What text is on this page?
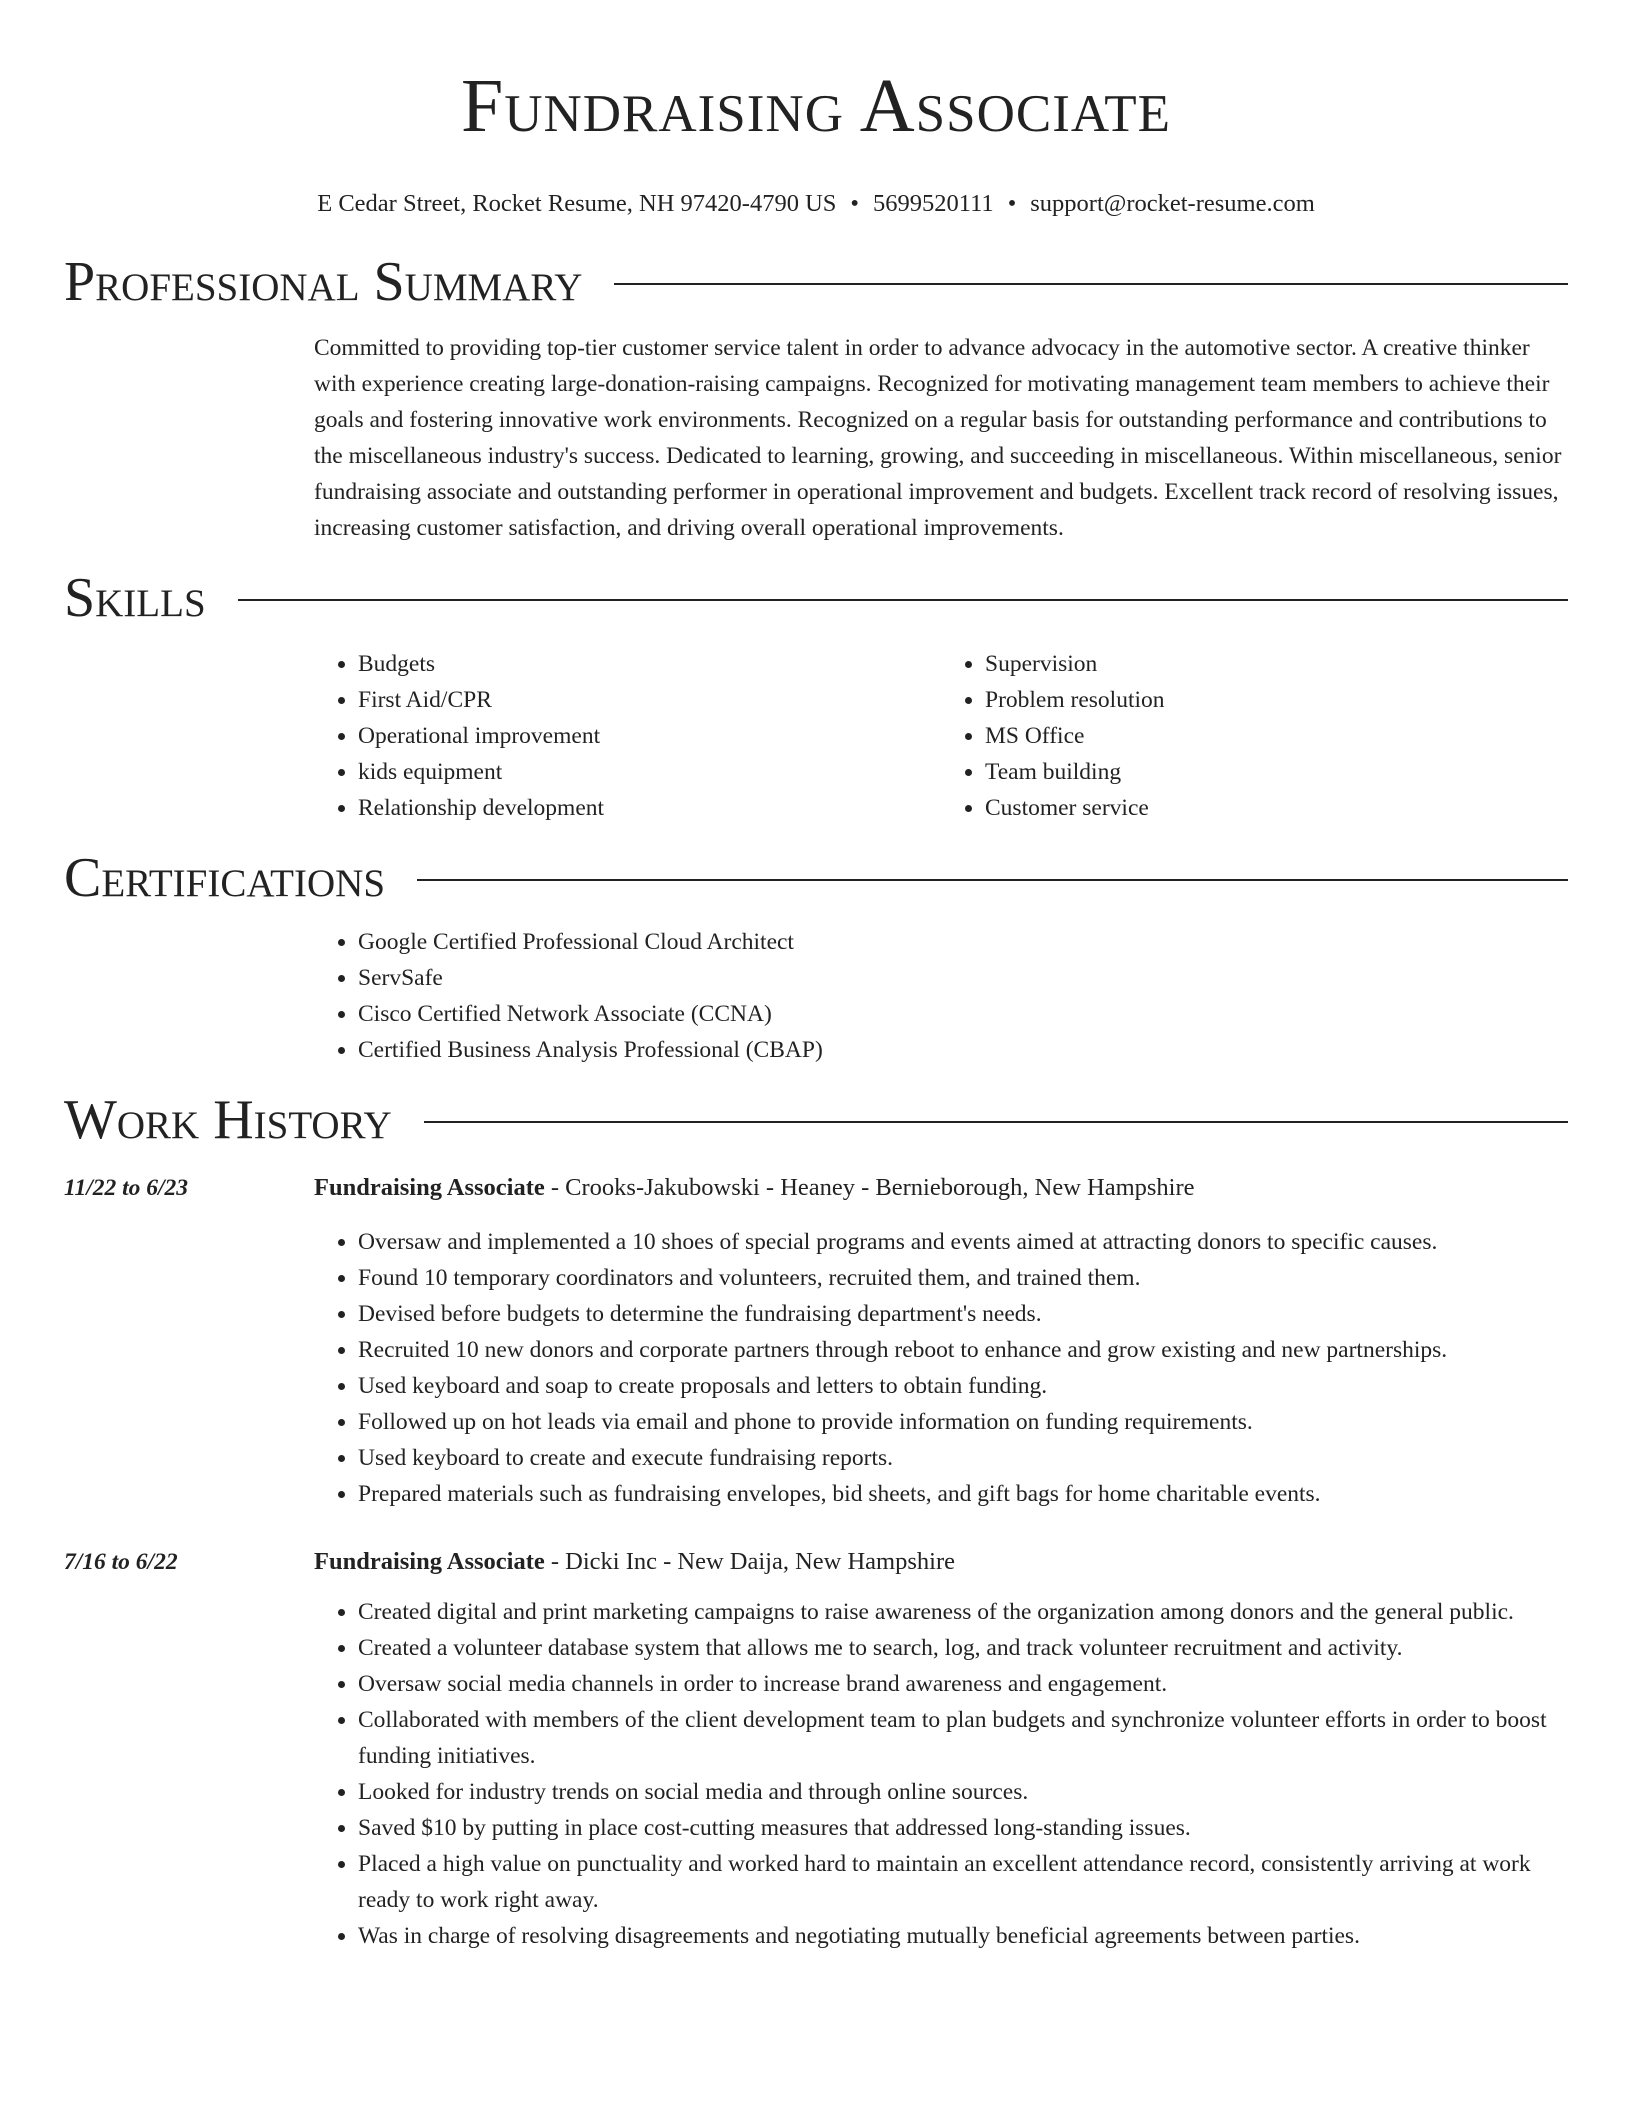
Fundraising Associate
E Cedar Street, Rocket Resume, NH 97420-4790 US • 5699520111 • support@rocket-resume.com
Professional Summary
Committed to providing top-tier customer service talent in order to advance advocacy in the automotive sector. A creative thinker with experience creating large-donation-raising campaigns. Recognized for motivating management team members to achieve their goals and fostering innovative work environments. Recognized on a regular basis for outstanding performance and contributions to the miscellaneous industry's success. Dedicated to learning, growing, and succeeding in miscellaneous. Within miscellaneous, senior fundraising associate and outstanding performer in operational improvement and budgets. Excellent track record of resolving issues, increasing customer satisfaction, and driving overall operational improvements.
Skills
• Budgets
• First Aid/CPR
• Operational improvement
• kids equipment
• Relationship development
• Supervision
• Problem resolution
• MS Office
• Team building
• Customer service
Certifications
• Google Certified Professional Cloud Architect
• ServSafe
• Cisco Certified Network Associate (CCNA)
• Certified Business Analysis Professional (CBAP)
Work History
11/22 to 6/23	Fundraising Associate - Crooks-Jakubowski - Heaney - Bernieborough, New Hampshire
• Oversaw and implemented a 10 shoes of special programs and events aimed at attracting donors to specific causes.
• Found 10 temporary coordinators and volunteers, recruited them, and trained them.
• Devised before budgets to determine the fundraising department's needs.
• Recruited 10 new donors and corporate partners through reboot to enhance and grow existing and new partnerships.
• Used keyboard and soap to create proposals and letters to obtain funding.
• Followed up on hot leads via email and phone to provide information on funding requirements.
• Used keyboard to create and execute fundraising reports.
• Prepared materials such as fundraising envelopes, bid sheets, and gift bags for home charitable events.
7/16 to 6/22	Fundraising Associate - Dicki Inc - New Daija, New Hampshire
• Created digital and print marketing campaigns to raise awareness of the organization among donors and the general public.
• Created a volunteer database system that allows me to search, log, and track volunteer recruitment and activity.
• Oversaw social media channels in order to increase brand awareness and engagement.
• Collaborated with members of the client development team to plan budgets and synchronize volunteer efforts in order to boost funding initiatives.
• Looked for industry trends on social media and through online sources.
• Saved $10 by putting in place cost-cutting measures that addressed long-standing issues.
• Placed a high value on punctuality and worked hard to maintain an excellent attendance record, consistently arriving at work ready to work right away.
• Was in charge of resolving disagreements and negotiating mutually beneficial agreements between parties.
